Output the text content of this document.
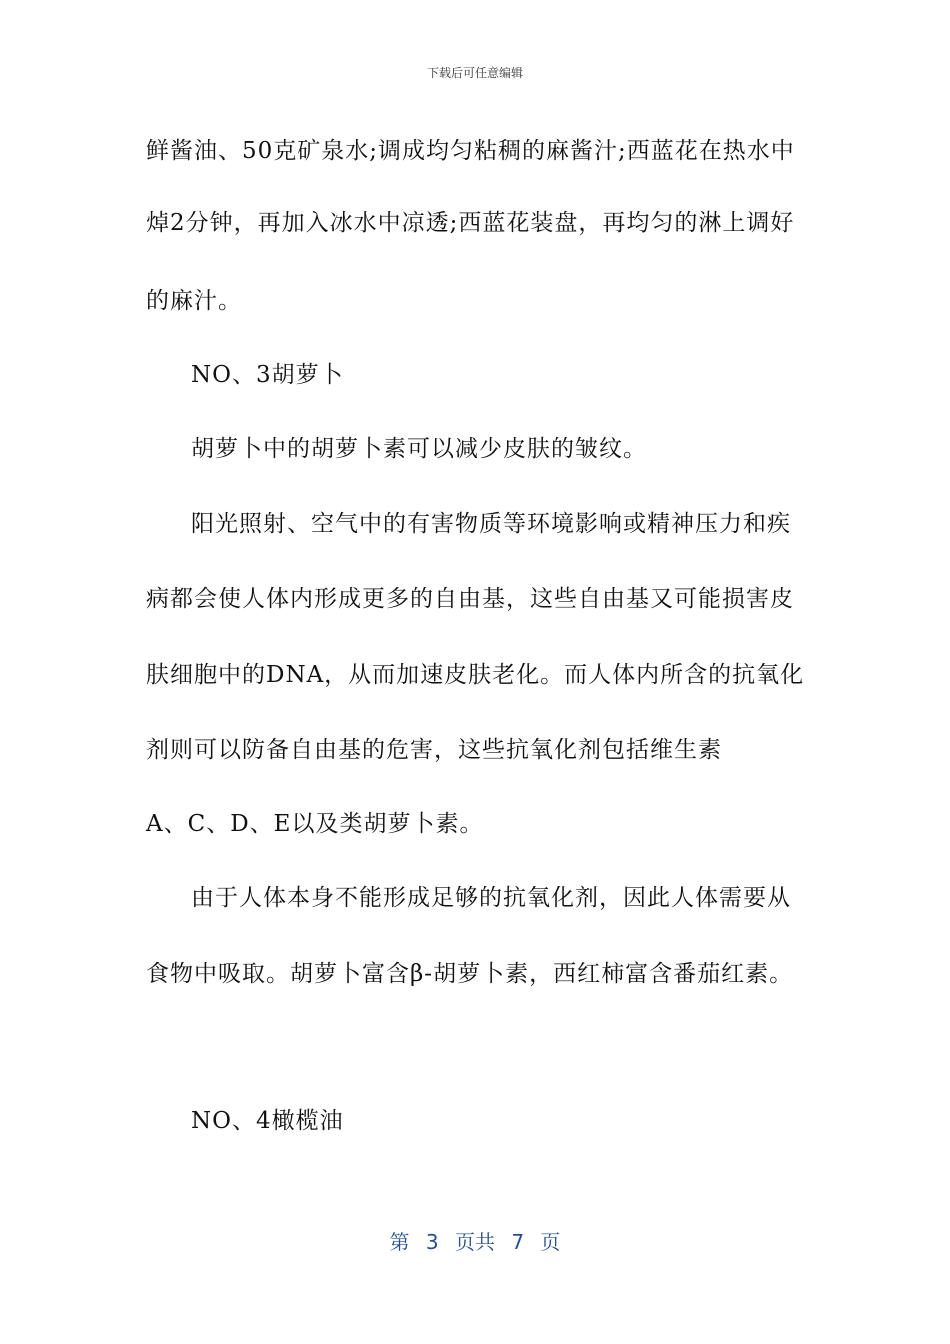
下载后可任意编辑
鲜酱油、50克矿泉水;调成均匀粘稠的麻酱汁;西蓝花在热水中
焯2分钟，再加入冰水中凉透;西蓝花装盘，再均匀的淋上调好
的麻汁。
NO、3胡萝卜
胡萝卜中的胡萝卜素可以减少皮肤的皱纹。
阳光照射、空气中的有害物质等环境影响或精神压力和疾
病都会使人体内形成更多的自由基，这些自由基又可能损害皮
肤细胞中的DNA，从而加速皮肤老化。而人体内所含的抗氧化
剂则可以防备自由基的危害，这些抗氧化剂包括维生素
A、C、D、E以及类胡萝卜素。
由于人体本身不能形成足够的抗氧化剂，因此人体需要从
食物中吸取。胡萝卜富含β-胡萝卜素，西红柿富含番茄红素。
NO、4橄榄油
第 3 页共 7 页
